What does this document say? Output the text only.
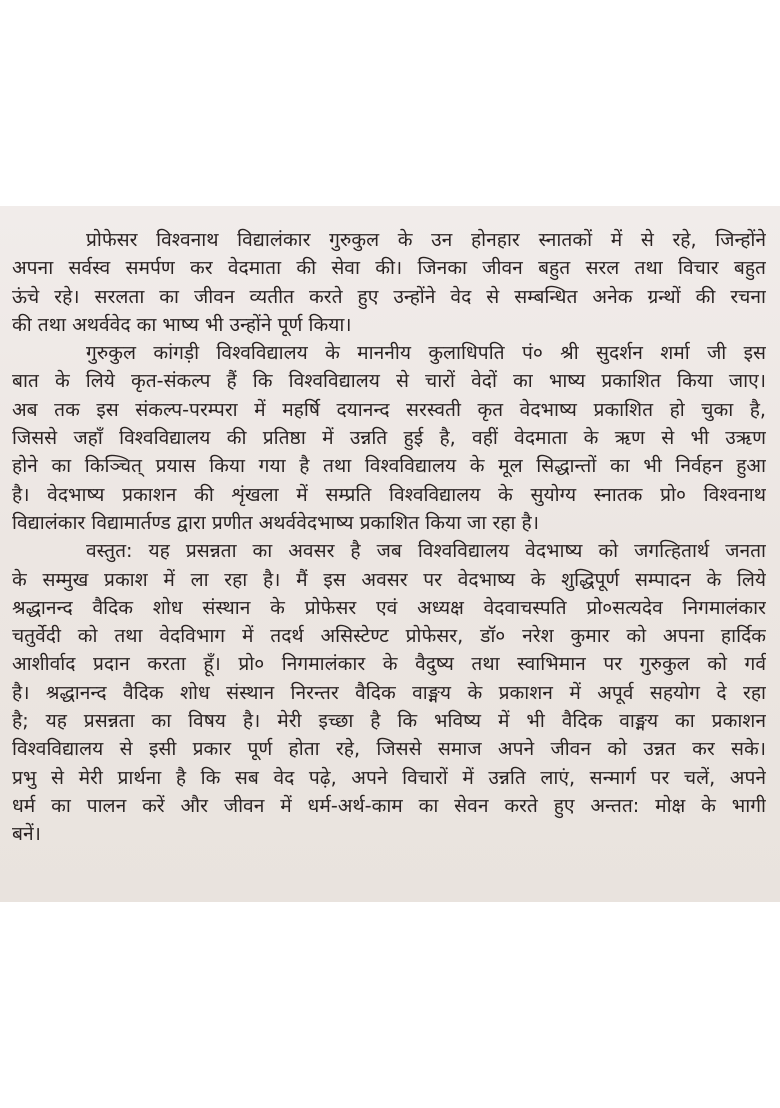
प्रोफेसर विश्वनाथ विद्यालंकार गुरुकुल के उन होनहार स्नातकों में से रहे, जिन्होंने
अपना सर्वस्व समर्पण कर वेदमाता की सेवा की। जिनका जीवन बहुत सरल तथा विचार बहुत
ऊंचे रहे। सरलता का जीवन व्यतीत करते हुए उन्होंने वेद से सम्बन्धित अनेक ग्रन्थों की रचना
की तथा अथर्ववेद का भाष्य भी उन्होंने पूर्ण किया।
गुरुकुल कांगड़ी विश्वविद्यालय के माननीय कुलाधिपति पं० श्री सुदर्शन शर्मा जी इस
बात के लिये कृत-संकल्प हैं कि विश्वविद्यालय से चारों वेदों का भाष्य प्रकाशित किया जाए।
अब तक इस संकल्प-परम्परा में महर्षि दयानन्द सरस्वती कृत वेदभाष्य प्रकाशित हो चुका है,
जिससे जहाँ विश्वविद्यालय की प्रतिष्ठा में उन्नति हुई है, वहीं वेदमाता के ऋण से भी उऋण
होने का किञ्चित् प्रयास किया गया है तथा विश्वविद्यालय के मूल सिद्धान्तों का भी निर्वहन हुआ
है। वेदभाष्य प्रकाशन की शृंखला में सम्प्रति विश्वविद्यालय के सुयोग्य स्नातक प्रो० विश्वनाथ
विद्यालंकार विद्यामार्तण्ड द्वारा प्रणीत अथर्ववेदभाष्य प्रकाशित किया जा रहा है।
वस्तुत: यह प्रसन्नता का अवसर है जब विश्वविद्यालय वेदभाष्य को जगत्हितार्थ जनता
के सम्मुख प्रकाश में ला रहा है। मैं इस अवसर पर वेदभाष्य के शुद्धिपूर्ण सम्पादन के लिये
श्रद्धानन्द वैदिक शोध संस्थान के प्रोफेसर एवं अध्यक्ष वेदवाचस्पति प्रो०सत्यदेव निगमालंकार
चतुर्वेदी को तथा वेदविभाग में तदर्थ असिस्टेण्ट प्रोफेसर, डॉ० नरेश कुमार को अपना हार्दिक
आशीर्वाद प्रदान करता हूँ। प्रो० निगमालंकार के वैदुष्य तथा स्वाभिमान पर गुरुकुल को गर्व
है। श्रद्धानन्द वैदिक शोध संस्थान निरन्तर वैदिक वाङ्मय के प्रकाशन में अपूर्व सहयोग दे रहा
है; यह प्रसन्नता का विषय है। मेरी इच्छा है कि भविष्य में भी वैदिक वाङ्मय का प्रकाशन
विश्वविद्यालय से इसी प्रकार पूर्ण होता रहे, जिससे समाज अपने जीवन को उन्नत कर सके।
प्रभु से मेरी प्रार्थना है कि सब वेद पढ़े, अपने विचारों में उन्नति लाएं, सन्मार्ग पर चलें, अपने
धर्म का पालन करें और जीवन में धर्म-अर्थ-काम का सेवन करते हुए अन्तत: मोक्ष के भागी
बनें।
